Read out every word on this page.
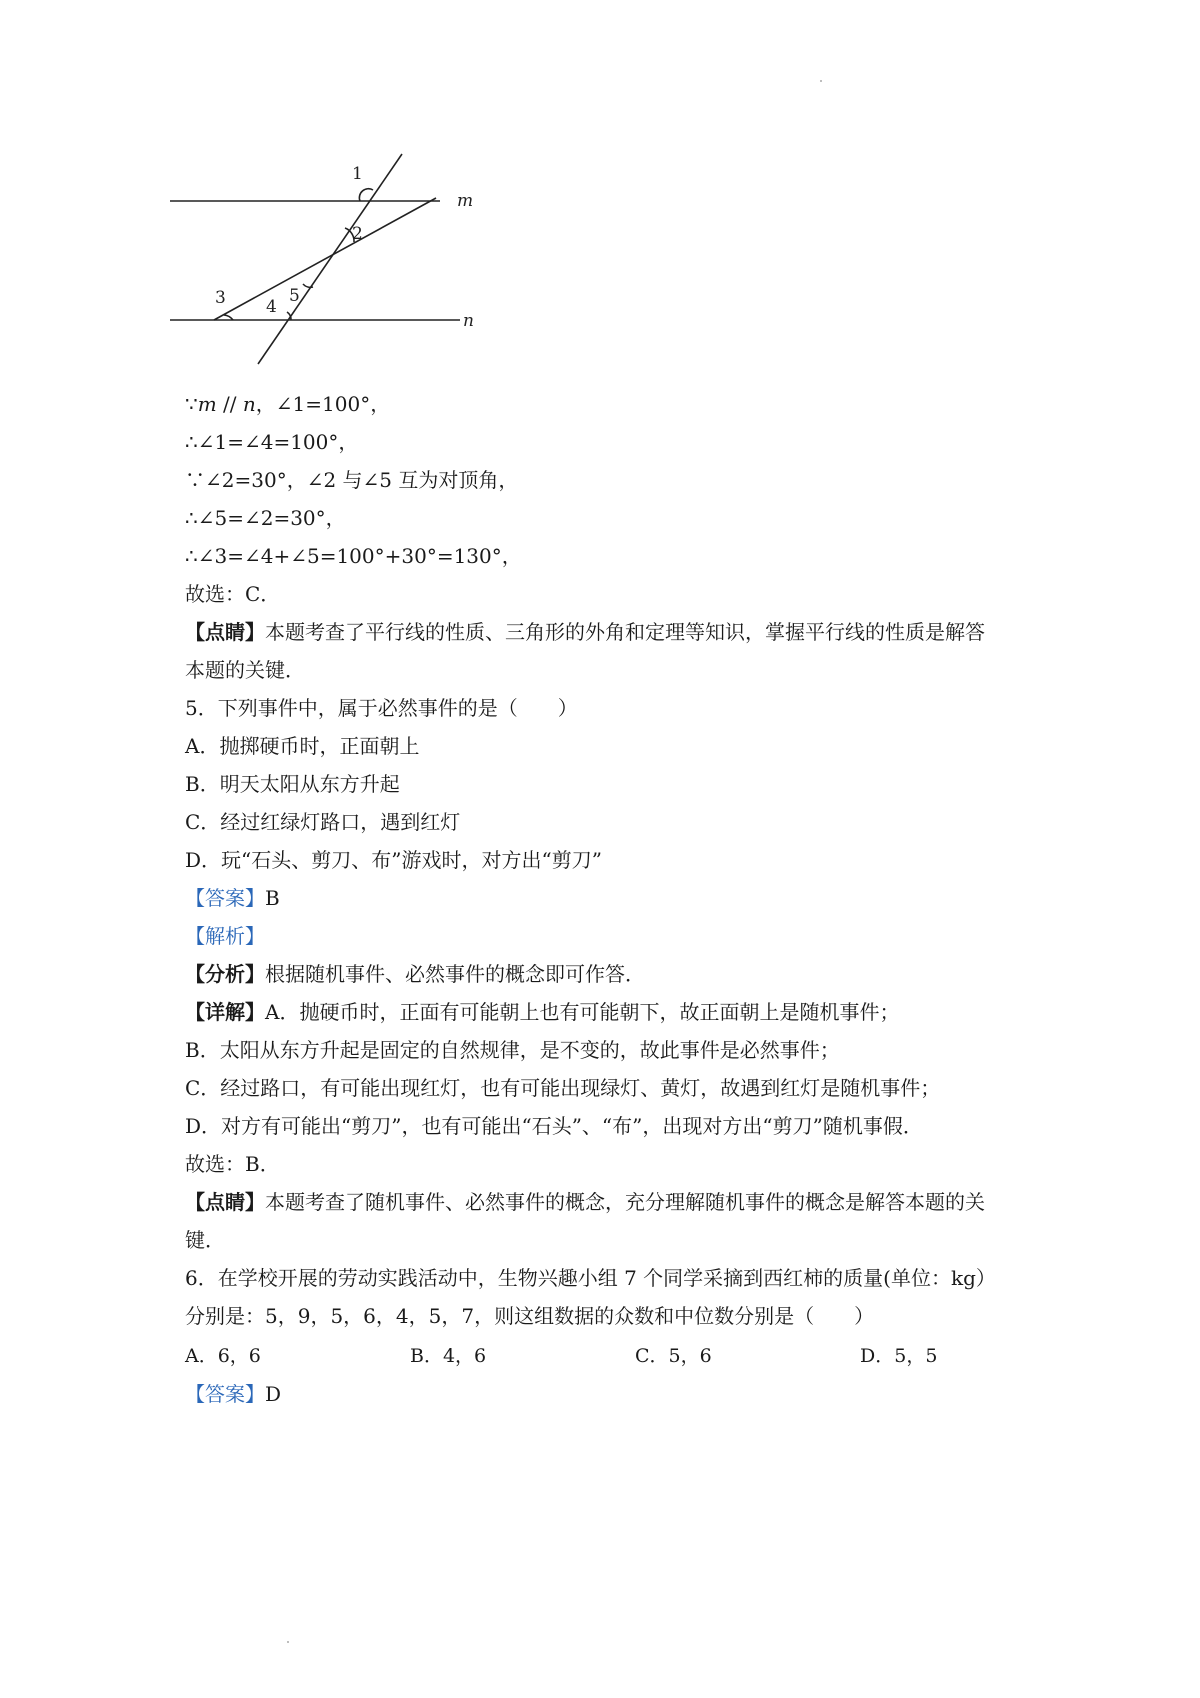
m
n
1
2
3 4
5
∵m // n，∠1=100°，
∴∠1=∠4=100°，
∵∠2=30°，∠2 与∠5 互为对顶角，
∴∠5=∠2=30°，
∴∠3=∠4+∠5=100°+30°=130°，
故选：C．
【点睛】本题考查了平行线的性质、三角形的外角和定理等知识，掌握平行线的性质是解答
本题的关键．
5．下列事件中，属于必然事件的是（　　）
A．抛掷硬币时，正面朝上
B．明天太阳从东方升起
C．经过红绿灯路口，遇到红灯
D．玩“石头、剪刀、布”游戏时，对方出“剪刀”
【答案】B
【解析】
【分析】根据随机事件、必然事件的概念即可作答．
【详解】A．抛硬币时，正面有可能朝上也有可能朝下，故正面朝上是随机事件；
B．太阳从东方升起是固定的自然规律，是不变的，故此事件是必然事件；
C．经过路口，有可能出现红灯，也有可能出现绿灯、黄灯，故遇到红灯是随机事件；
D．对方有可能出“剪刀”，也有可能出“石头”、“布”，出现对方出“剪刀”随机事假．
故选：B．
【点睛】本题考查了随机事件、必然事件的概念，充分理解随机事件的概念是解答本题的关
键．
6．在学校开展的劳动实践活动中，生物兴趣小组 7 个同学采摘到西红柿的质量(单位：kg）
分别是：5，9，5，6，4，5，7，则这组数据的众数和中位数分别是（　　）
A．6，6	B．4，6	C．5，6	D．5，5
【答案】D
